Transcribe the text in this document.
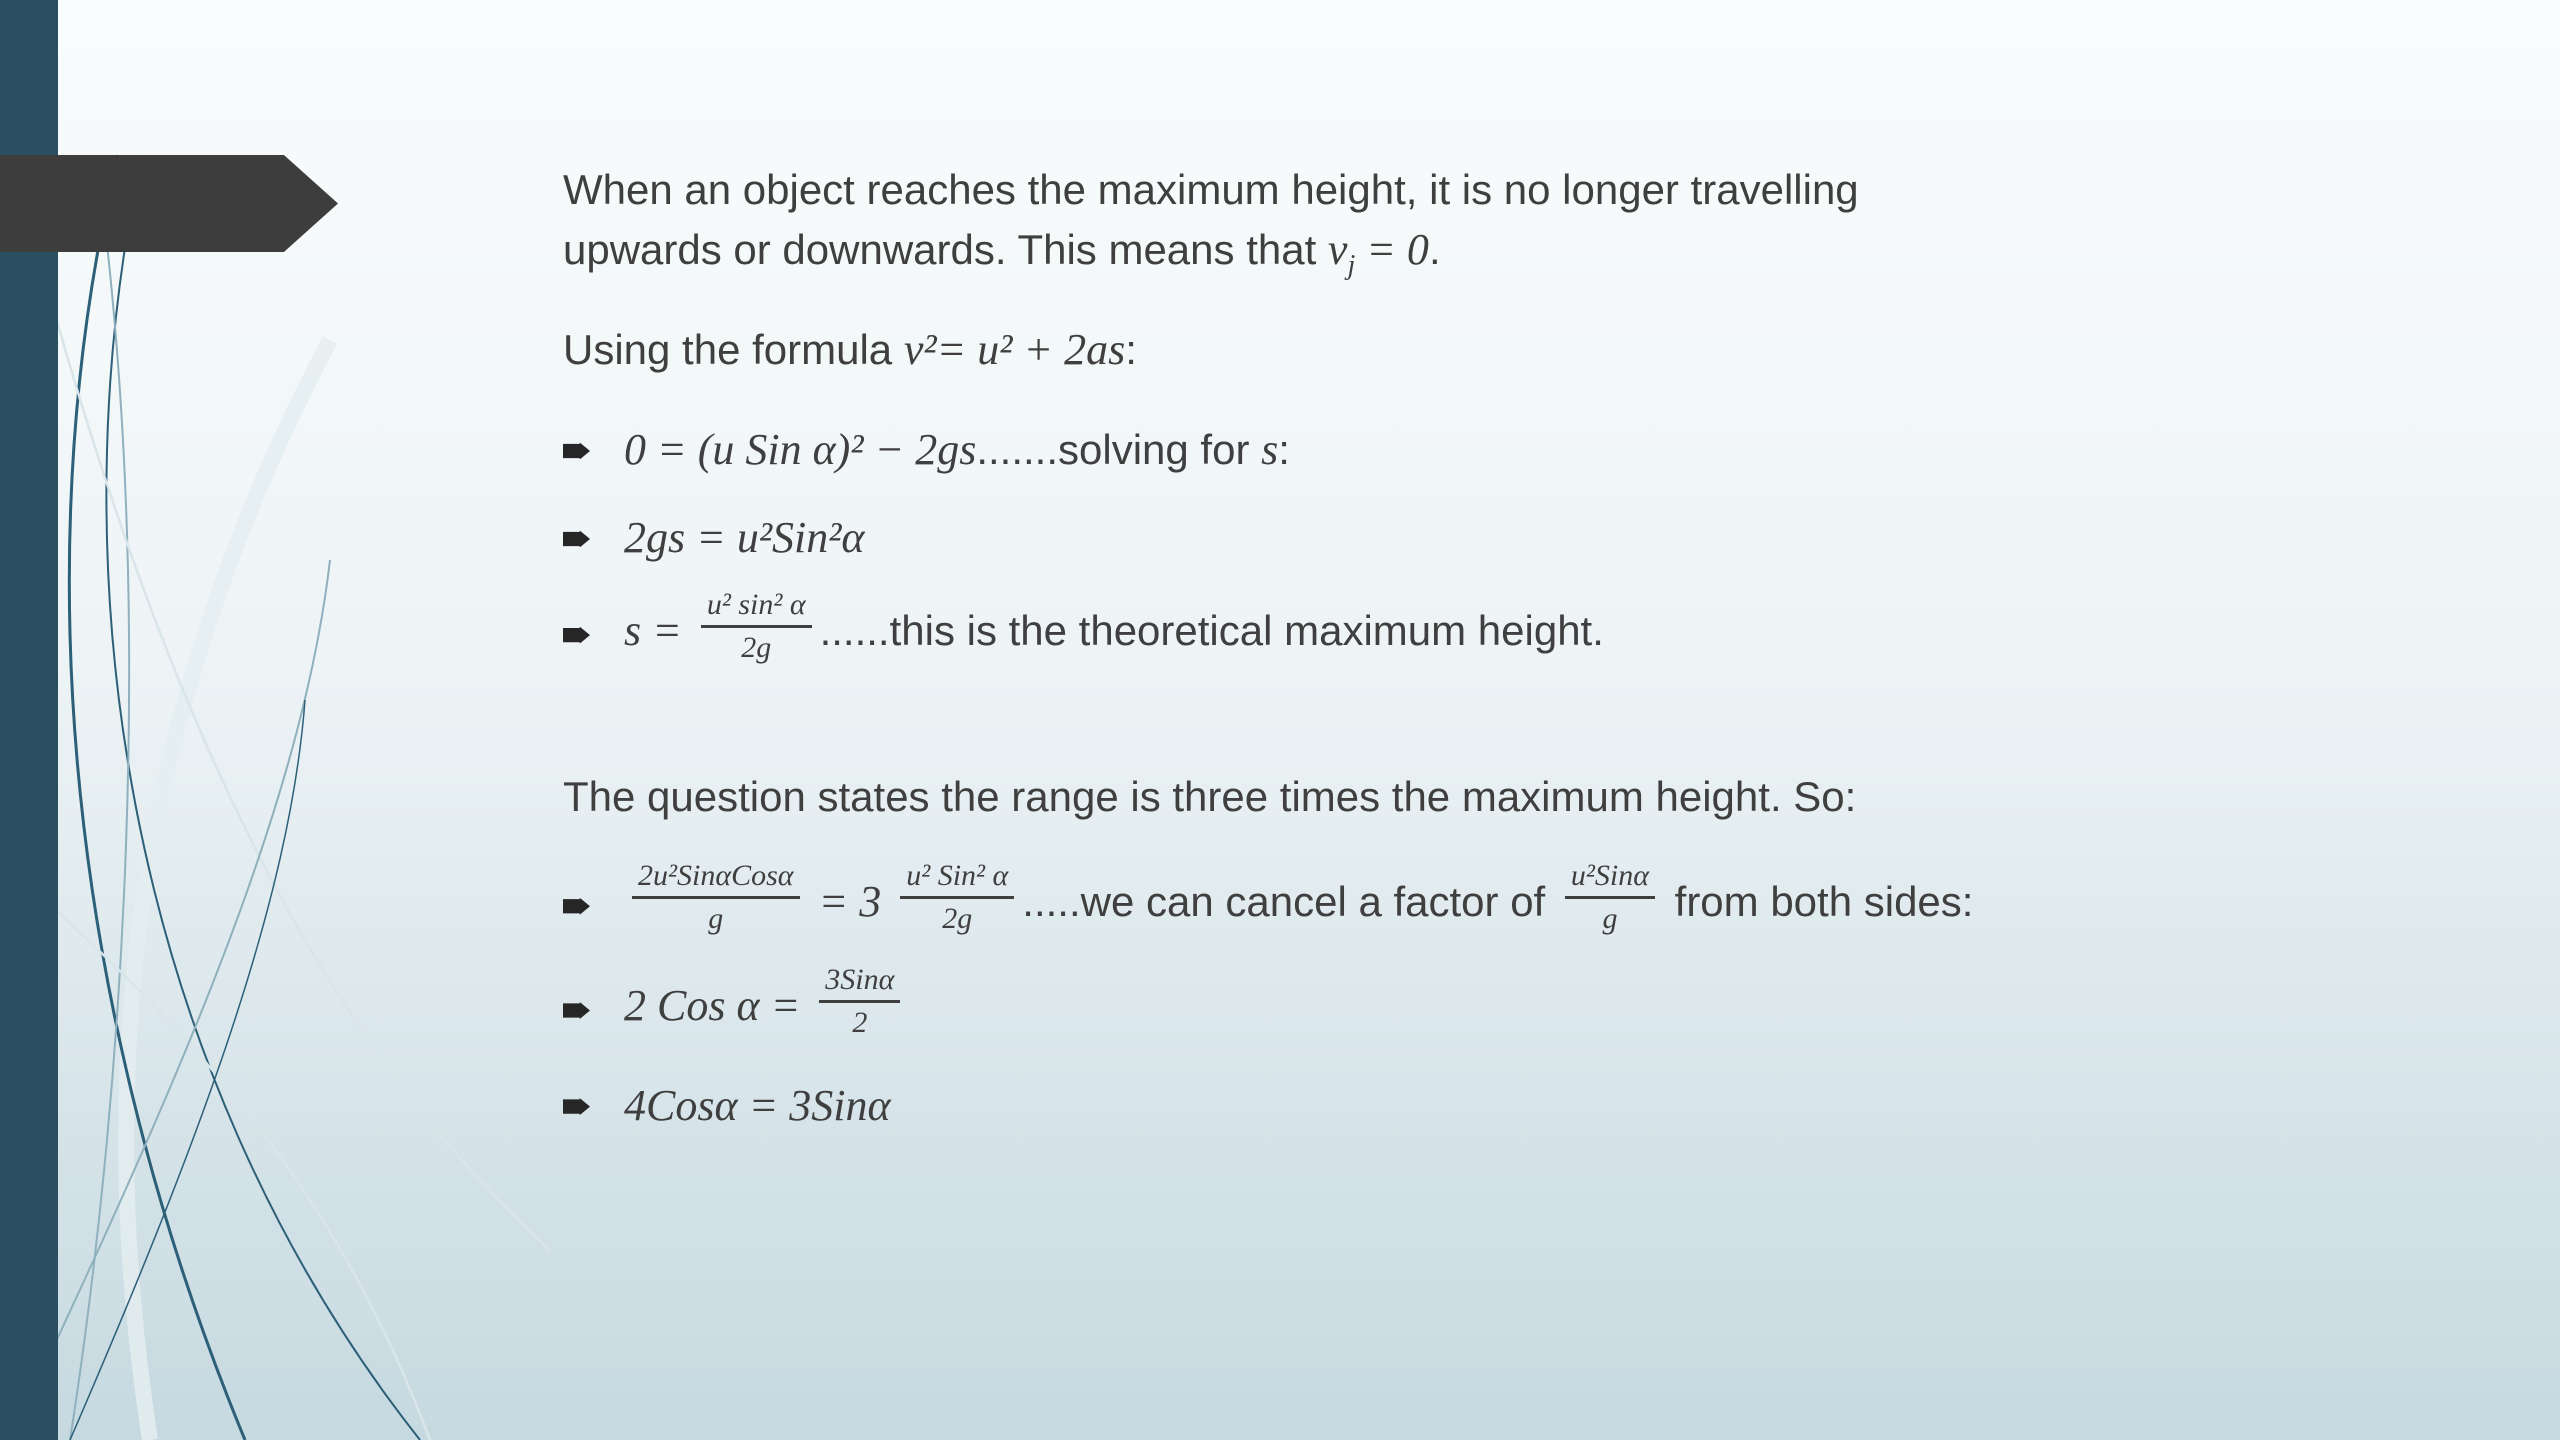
When an object reaches the maximum height, it is no longer travelling
upwards or downwards. This means that $v_j = 0$.
Using the formula v²= u² + 2as:
0 = (u Sin α)² − 2gs.......solving for s:
2gs = u²Sin²α
$s = \frac{\text{u² sin² α}}{2g}$ ......this is the theoretical maximum height.
The question states the range is three times the maximum height. So:
$\frac{\text{2u²SinαCosα}}{g} = 3 \frac{\text{u² Sin² α}}{2g} .....we$ can cancel a factor of $\frac{\text{u²Sinα}}{g}$ from both sides:
2 Cos $\alpha = \frac{\text{3Sinα}}{2}$
4Cosα = 3Sinα
